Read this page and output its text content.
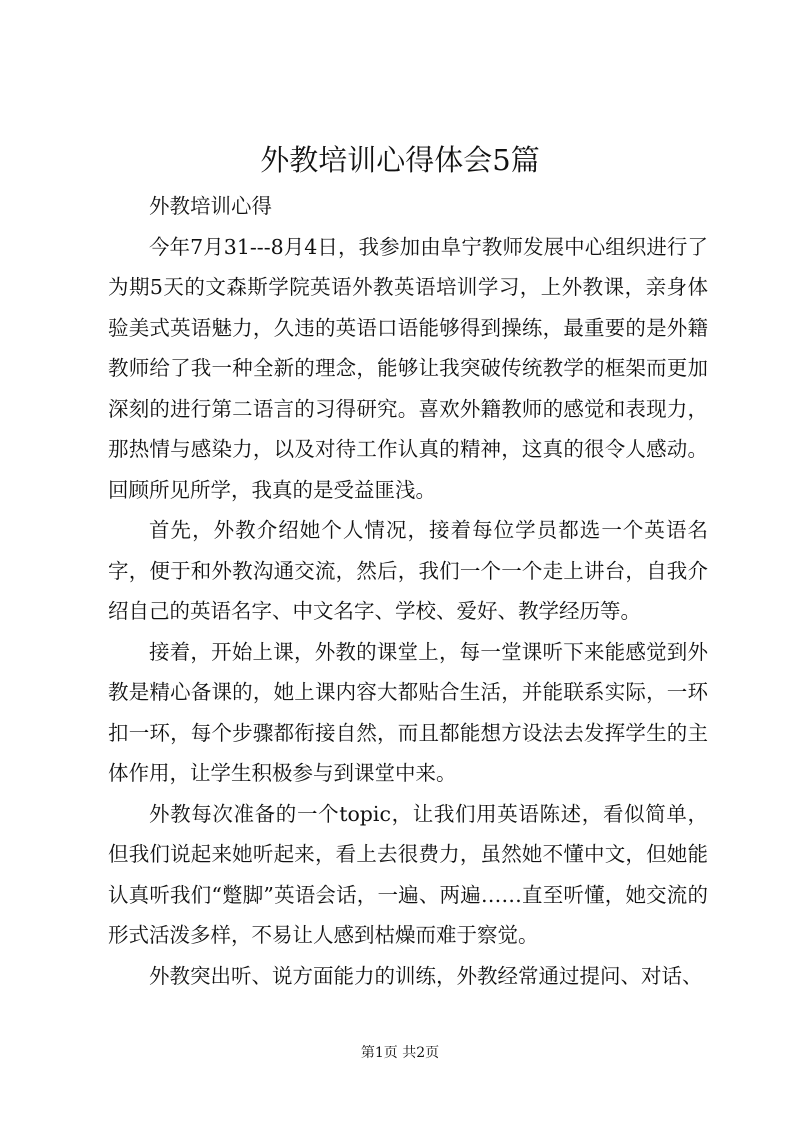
外教培训心得体会5篇

外教培训心得

今年7月31---8月4日，我参加由阜宁教师发展中心组织进行了为期5天的文森斯学院英语外教英语培训学习，上外教课，亲身体验美式英语魅力，久违的英语口语能够得到操练，最重要的是外籍教师给了我一种全新的理念，能够让我突破传统教学的框架而更加深刻的进行第二语言的习得研究。喜欢外籍教师的感觉和表现力，那热情与感染力，以及对待工作认真的精神，这真的很令人感动。回顾所见所学，我真的是受益匪浅。

首先，外教介绍她个人情况，接着每位学员都选一个英语名字，便于和外教沟通交流，然后，我们一个一个走上讲台，自我介绍自己的英语名字、中文名字、学校、爱好、教学经历等。

接着，开始上课，外教的课堂上，每一堂课听下来能感觉到外教是精心备课的，她上课内容大都贴合生活，并能联系实际，一环扣一环，每个步骤都衔接自然，而且都能想方设法去发挥学生的主体作用，让学生积极参与到课堂中来。

外教每次准备的一个topic，让我们用英语陈述，看似简单，但我们说起来她听起来，看上去很费力，虽然她不懂中文，但她能认真听我们“蹩脚”英语会话，一遍、两遍……直至听懂，她交流的形式活泼多样，不易让人感到枯燥而难于察觉。

外教突出听、说方面能力的训练，外教经常通过提问、对话、

第1页 共2页
